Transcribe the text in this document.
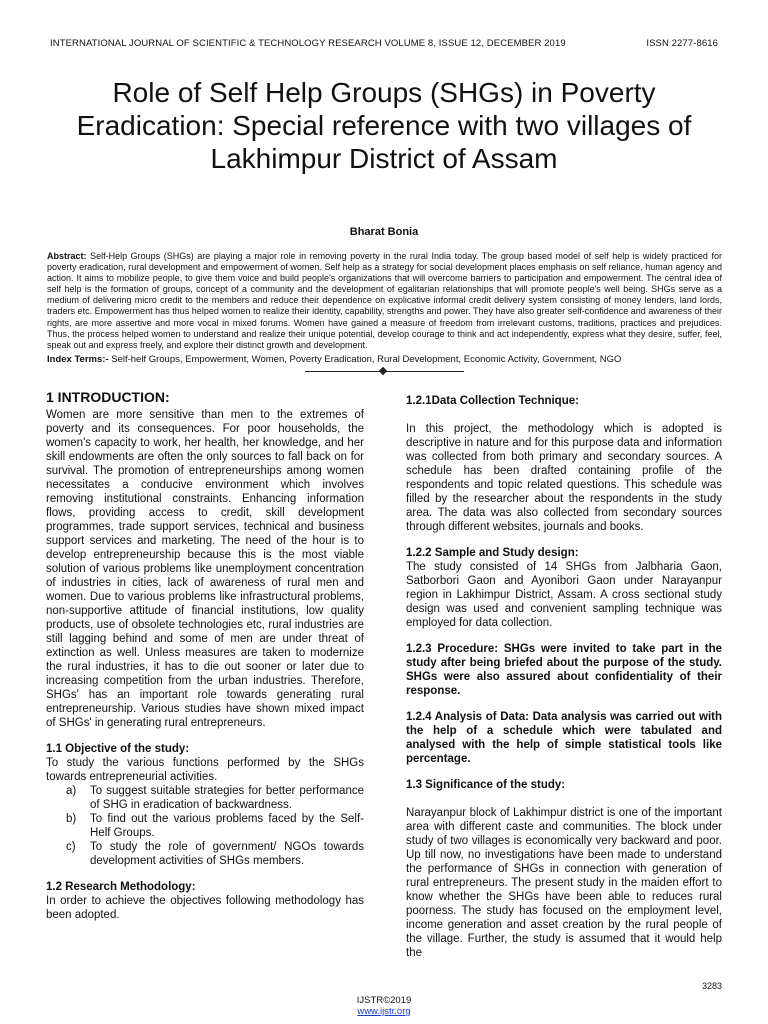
INTERNATIONAL JOURNAL OF SCIENTIFIC & TECHNOLOGY RESEARCH VOLUME 8, ISSUE 12, DECEMBER 2019	ISSN 2277-8616
Role of Self Help Groups (SHGs) in Poverty Eradication: Special reference with two villages of Lakhimpur District of Assam
Bharat Bonia

Abstract: Self-Help Groups (SHGs) are playing a major role in removing poverty in the rural India today. The group based model of self help is widely practiced for poverty eradication, rural development and empowerment of women. Self help as a strategy for social development places emphasis on self reliance, human agency and action. It aims to mobilize people, to give them voice and build people's organizations that will overcome barriers to participation and empowerment. The central idea of self help is the formation of groups, concept of a community and the development of egalitarian relationships that will promote people's well being. SHGs serve as a medium of delivering micro credit to the members and reduce their dependence on explicative informal credit delivery system consisting of money lenders, land lords, traders etc. Empowerment has thus helped women to realize their identity, capability, strengths and power. They have also greater self-confidence and awareness of their rights, are more assertive and more vocal in mixed forums. Women have gained a measure of freedom from irrelevant customs, traditions, practices and prejudices. Thus, the process helped women to understand and realize their unique potential, develop courage to think and act independently, express what they desire, suffer, feel, speak out and express freely, and explore their distinct growth and development.

Index Terms:- Self-helf Groups, Empowerment, Women, Poverty Eradication, Rural Development, Economic Activity, Government, NGO

1 INTRODUCTION:

Women are more sensitive than men to the extremes of poverty and its consequences. For poor households, the women's capacity to work, her health, her knowledge, and her skill endowments are often the only sources to fall back on for survival. The promotion of entrepreneurships among women necessitates a conducive environment which involves removing institutional constraints. Enhancing information flows, providing access to credit, skill development programmes, trade support services, technical and business support services and marketing. The need of the hour is to develop entrepreneurship because this is the most viable solution of various problems like unemployment concentration of industries in cities, lack of awareness of rural men and women. Due to various problems like infrastructural problems, non-supportive attitude of financial institutions, low quality products, use of obsolete technologies etc, rural industries are still lagging behind and some of men are under threat of extinction as well. Unless measures are taken to modernize the rural industries, it has to die out sooner or later due to increasing competition from the urban industries. Therefore, SHGs' has an important role towards generating rural entrepreneurship. Various studies have shown mixed impact of SHGs' in generating rural entrepreneurs.

1.1 Objective of the study:

To study the various functions performed by the SHGs towards entrepreneurial activities.

a)	To suggest suitable strategies for better performance of SHG in eradication of backwardness.
b)	To find out the various problems faced by the Self-Helf Groups.
c)	To study the role of government/ NGOs towards development activities of SHGs members.
1.2 Research Methodology:

In order to achieve the objectives following methodology has been adopted.

1.2.1Data Collection Technique:

In this project, the methodology which is adopted is descriptive in nature and for this purpose data and information was collected from both primary and secondary sources. A schedule has been drafted containing profile of the respondents and topic related questions. This schedule was filled by the researcher about the respondents in the study area. The data was also collected from secondary sources through different websites, journals and books.

1.2.2 Sample and Study design:

The study consisted of 14 SHGs from Jalbharia Gaon, Satborbori Gaon and Ayonibori Gaon under Narayanpur region in Lakhimpur District, Assam. A cross sectional study design was used and convenient sampling technique was employed for data collection.

1.2.3 Procedure: SHGs were invited to take part in the study after being briefed about the purpose of the study. SHGs were also assured about confidentiality of their response.

1.2.4 Analysis of Data: Data analysis was carried out with the help of a schedule which were tabulated and analysed with the help of simple statistical tools like percentage.

1.3 Significance of the study:

Narayanpur block of Lakhimpur district is one of the important area with different caste and communities. The block under study of two villages is economically very backward and poor. Up till now, no investigations have been made to understand the performance of SHGs in connection with generation of rural entrepreneurs. The present study in the maiden effort to know whether the SHGs have been able to reduces rural poorness. The study has focused on the employment level, income generation and asset creation by the rural people of the village. Further, the study is assumed that it would help the

3283
IJSTR©2019
www.ijstr.org
